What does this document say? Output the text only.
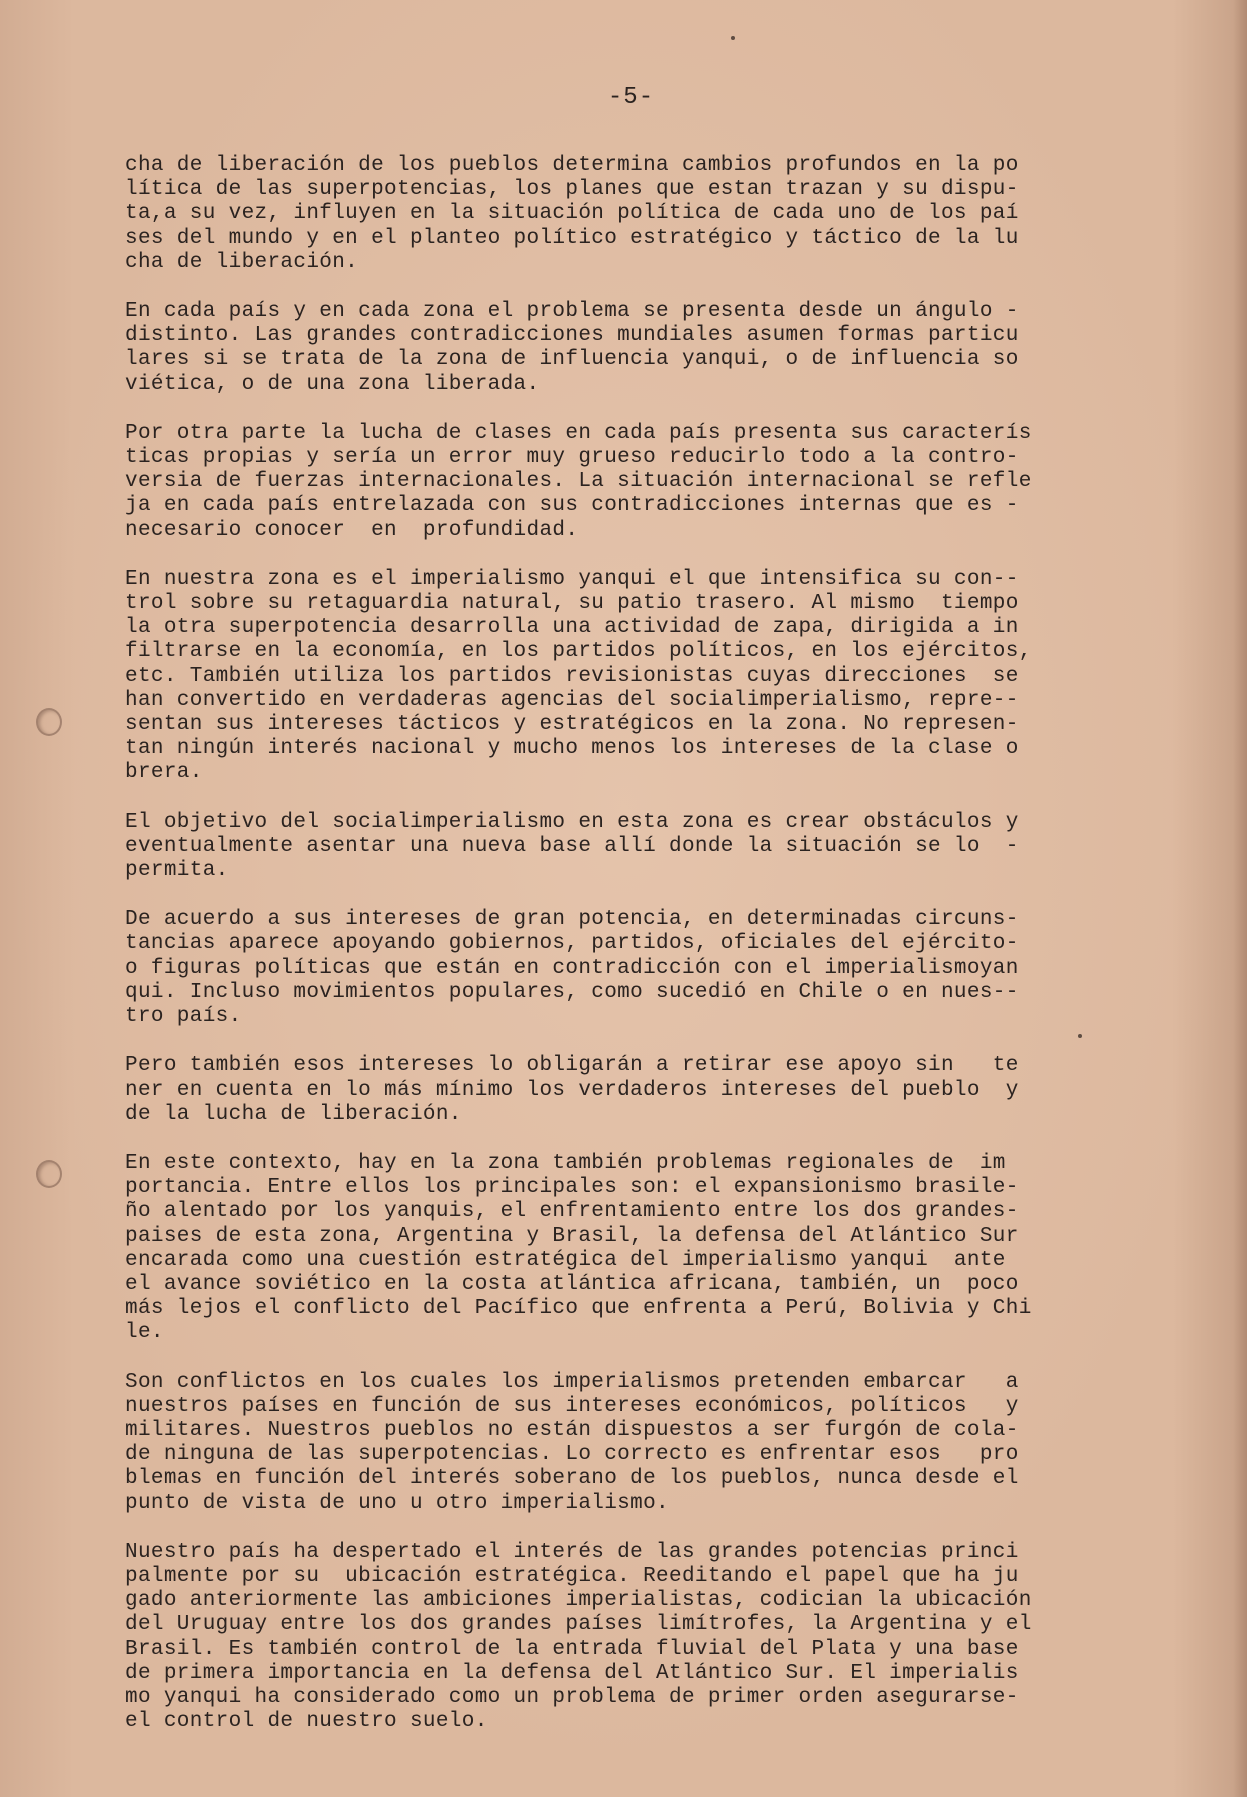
-5-
cha de liberación de los pueblos determina cambios profundos en la po
lítica de las superpotencias, los planes que estan trazan y su dispu-
ta,a su vez, influyen en la situación política de cada uno de los paí
ses del mundo y en el planteo político estratégico y táctico de la lu
cha de liberación.
En cada país y en cada zona el problema se presenta desde un ángulo -
distinto. Las grandes contradicciones mundiales asumen formas particu
lares si se trata de la zona de influencia yanqui, o de influencia so
viética, o de una zona liberada.
Por otra parte la lucha de clases en cada país presenta sus caracterís
ticas propias y sería un error muy grueso reducirlo todo a la contro-
versia de fuerzas internacionales. La situación internacional se refle
ja en cada país entrelazada con sus contradicciones internas que es -
necesario conocer  en  profundidad.
En nuestra zona es el imperialismo yanqui el que intensifica su con--
trol sobre su retaguardia natural, su patio trasero. Al mismo  tiempo
la otra superpotencia desarrolla una actividad de zapa, dirigida a in
filtrarse en la economía, en los partidos políticos, en los ejércitos,
etc. También utiliza los partidos revisionistas cuyas direcciones  se
han convertido en verdaderas agencias del socialimperialismo, repre--
sentan sus intereses tácticos y estratégicos en la zona. No represen-
tan ningún interés nacional y mucho menos los intereses de la clase o
brera.
El objetivo del socialimperialismo en esta zona es crear obstáculos y
eventualmente asentar una nueva base allí donde la situación se lo  -
permita.
De acuerdo a sus intereses de gran potencia, en determinadas circuns-
tancias aparece apoyando gobiernos, partidos, oficiales del ejército-
o figuras políticas que están en contradicción con el imperialismoyan
qui. Incluso movimientos populares, como sucedió en Chile o en nues--
tro país.
Pero también esos intereses lo obligarán a retirar ese apoyo sin   te
ner en cuenta en lo más mínimo los verdaderos intereses del pueblo  y
de la lucha de liberación.
En este contexto, hay en la zona también problemas regionales de  im
portancia. Entre ellos los principales son: el expansionismo brasile-
ño alentado por los yanquis, el enfrentamiento entre los dos grandes-
paises de esta zona, Argentina y Brasil, la defensa del Atlántico Sur
encarada como una cuestión estratégica del imperialismo yanqui  ante
el avance soviético en la costa atlántica africana, también, un  poco
más lejos el conflicto del Pacífico que enfrenta a Perú, Bolivia y Chi
le.
Son conflictos en los cuales los imperialismos pretenden embarcar   a
nuestros países en función de sus intereses económicos, políticos   y
militares. Nuestros pueblos no están dispuestos a ser furgón de cola-
de ninguna de las superpotencias. Lo correcto es enfrentar esos   pro
blemas en función del interés soberano de los pueblos, nunca desde el
punto de vista de uno u otro imperialismo.
Nuestro país ha despertado el interés de las grandes potencias princi
palmente por su  ubicación estratégica. Reeditando el papel que ha ju
gado anteriormente las ambiciones imperialistas, codician la ubicación
del Uruguay entre los dos grandes países limítrofes, la Argentina y el
Brasil. Es también control de la entrada fluvial del Plata y una base
de primera importancia en la defensa del Atlántico Sur. El imperialis
mo yanqui ha considerado como un problema de primer orden asegurarse-
el control de nuestro suelo.
